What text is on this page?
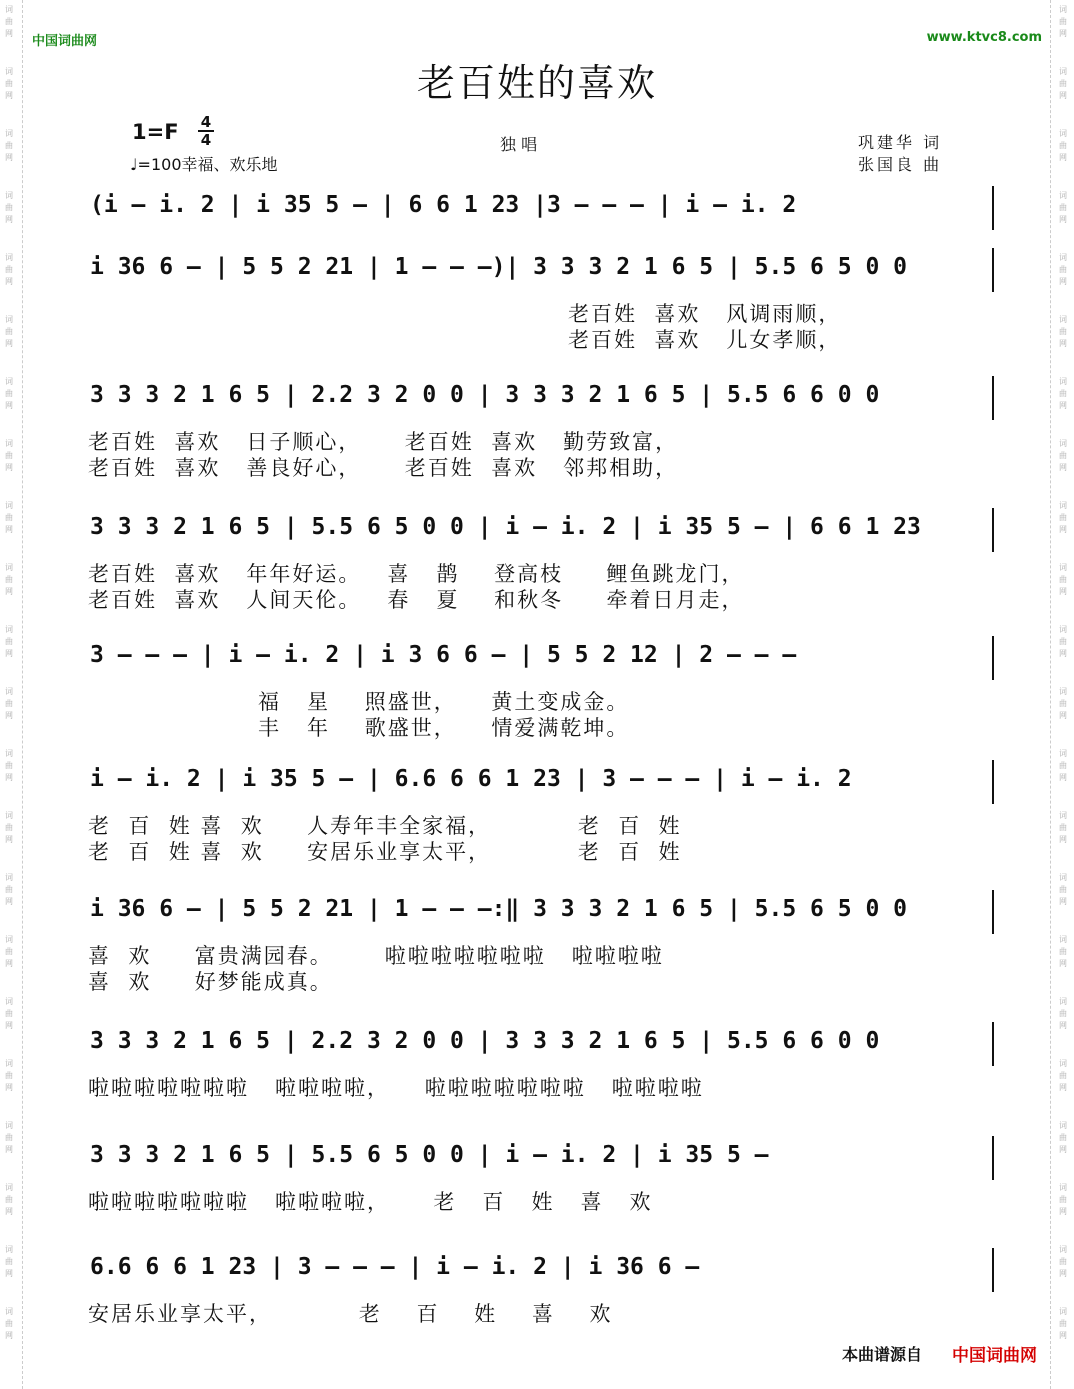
中国词曲网	www.ktvc8.com
老百姓的喜欢
1=F 4
4
♩=100幸福、欢乐地
独 唱	巩建华 词
张国良 曲
(i – i. 2 | i 35 5 – | 6 6 1 23 |3 – – – | i – i. 2
i 36 6 – | 5 5 2 21 | 1 – – –)| 3 3 3 2 1 6 5 | 5.5 6 5 0 0
老百姓  喜欢   风调雨顺，
老百姓  喜欢   儿女孝顺，
3 3 3 2 1 6 5 | 2.2 3 2 0 0 | 3 3 3 2 1 6 5 | 5.5 6 6 0 0
老百姓  喜欢   日子顺心，     老百姓  喜欢   勤劳致富，
老百姓  喜欢   善良好心，     老百姓  喜欢   邻邦相助，
3 3 3 2 1 6 5 | 5.5 6 5 0 0 | i – i. 2 | i 35 5 – | 6 6 1 23
老百姓  喜欢   年年好运。   喜   鹊    登高枝     鲤鱼跳龙门，
老百姓  喜欢   人间天伦。   春   夏    和秋冬     牵着日月走，
3 – – – | i – i. 2 | i 3 6 6 – | 5 5 2 12 | 2 – – –
福   星    照盛世，    黄土变成金。
丰   年    歌盛世，    情爱满乾坤。
i – i. 2 | i 35 5 – | 6.6 6 6 1 23 | 3 – – – | i – i. 2
老  百  姓 喜  欢     人寿年丰全家福，          老  百  姓
老  百  姓 喜  欢     安居乐业享太平，          老  百  姓
i 36 6 – | 5 5 2 21 | 1 – – –:‖ 3 3 3 2 1 6 5 | 5.5 6 5 0 0
喜  欢     富贵满园春。      啦啦啦啦啦啦啦   啦啦啦啦
喜  欢     好梦能成真。
3 3 3 2 1 6 5 | 2.2 3 2 0 0 | 3 3 3 2 1 6 5 | 5.5 6 6 0 0
啦啦啦啦啦啦啦   啦啦啦啦，    啦啦啦啦啦啦啦   啦啦啦啦
3 3 3 2 1 6 5 | 5.5 6 5 0 0 | i – i. 2 | i 35 5 –
啦啦啦啦啦啦啦   啦啦啦啦，     老   百   姓   喜   欢
6.6 6 6 1 23 | 3 – – – | i – i. 2 | i 36 6 –
安居乐业享太平，          老    百    姓    喜    欢
本曲谱源自 中国词曲网
词曲网
词曲网
词曲网
词曲网
词曲网
词曲网
词曲网
词曲网
词曲网
词曲网
词曲网
词曲网
词曲网
词曲网
词曲网
词曲网
词曲网
词曲网
词曲网
词曲网
词曲网
词曲网
词曲网
词曲网
词曲网
词曲网
词曲网
词曲网
词曲网
词曲网
词曲网
词曲网
词曲网
词曲网
词曲网
词曲网
词曲网
词曲网
词曲网
词曲网
词曲网
词曲网
词曲网
词曲网
